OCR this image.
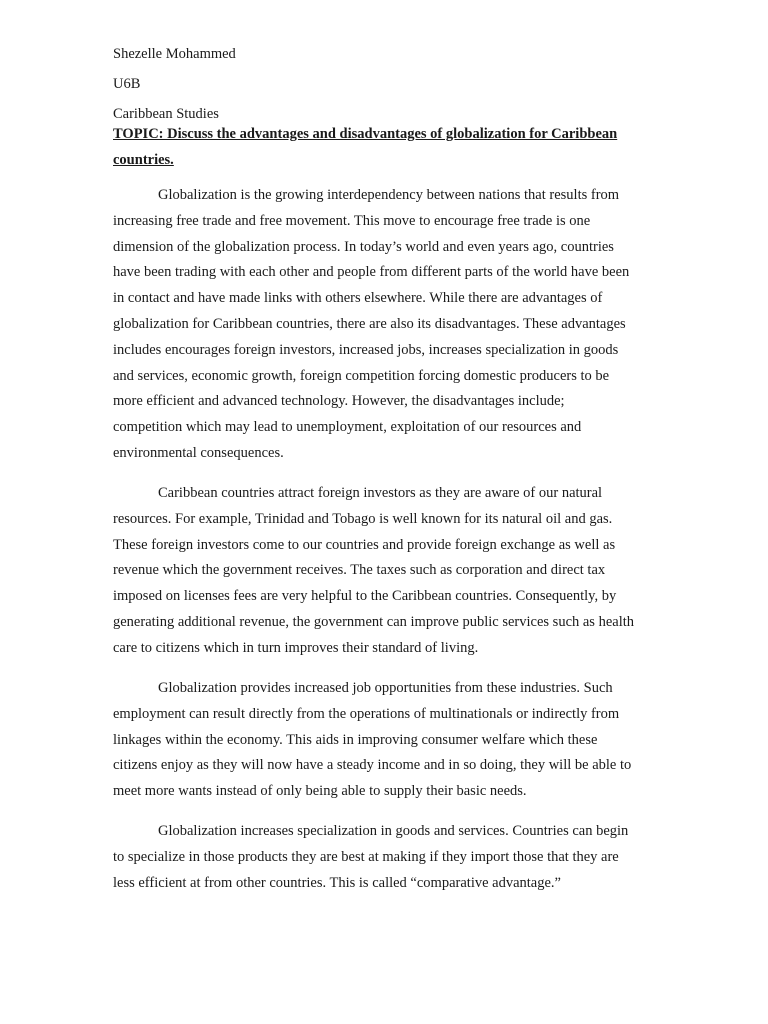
Shezelle Mohammed
U6B
Caribbean Studies
TOPIC: Discuss the advantages and disadvantages of globalization for Caribbean
countries.
Globalization is the growing interdependency between nations that results from
increasing free trade and free movement. This move to encourage free trade is one
dimension of the globalization process. In today’s world and even years ago, countries
have been trading with each other and people from different parts of the world have been
in contact and have made links with others elsewhere. While there are advantages of
globalization for Caribbean countries, there are also its disadvantages. These advantages
includes encourages foreign investors, increased jobs, increases specialization in goods
and services, economic growth, foreign competition forcing domestic producers to be
more efficient and advanced technology. However, the disadvantages include;
competition which may lead to unemployment, exploitation of our resources and
environmental consequences.
Caribbean countries attract foreign investors as they are aware of our natural
resources. For example, Trinidad and Tobago is well known for its natural oil and gas.
These foreign investors come to our countries and provide foreign exchange as well as
revenue which the government receives. The taxes such as corporation and direct tax
imposed on licenses fees are very helpful to the Caribbean countries. Consequently, by
generating additional revenue, the government can improve public services such as health
care to citizens which in turn improves their standard of living.
Globalization provides increased job opportunities from these industries. Such
employment can result directly from the operations of multinationals or indirectly from
linkages within the economy. This aids in improving consumer welfare which these
citizens enjoy as they will now have a steady income and in so doing, they will be able to
meet more wants instead of only being able to supply their basic needs.
Globalization increases specialization in goods and services. Countries can begin
to specialize in those products they are best at making if they import those that they are
less efficient at from other countries. This is called “comparative advantage.”
